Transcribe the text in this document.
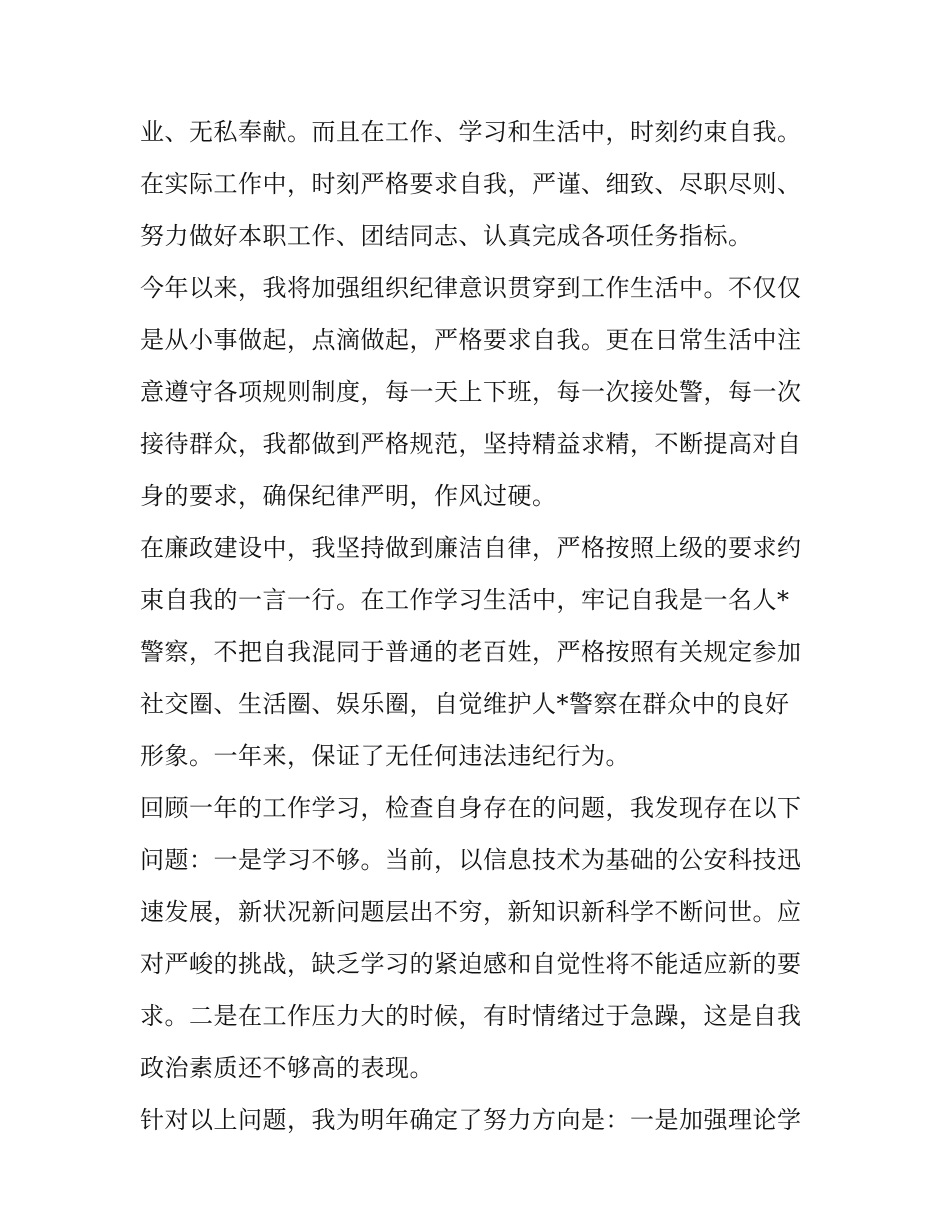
业、无私奉献。而且在工作、学习和生活中，时刻约束自我。
在实际工作中，时刻严格要求自我，严谨、细致、尽职尽则、
努力做好本职工作、团结同志、认真完成各项任务指标。
今年以来，我将加强组织纪律意识贯穿到工作生活中。不仅仅
是从小事做起，点滴做起，严格要求自我。更在日常生活中注
意遵守各项规则制度，每一天上下班，每一次接处警，每一次
接待群众，我都做到严格规范，坚持精益求精，不断提高对自
身的要求，确保纪律严明，作风过硬。
在廉政建设中，我坚持做到廉洁自律，严格按照上级的要求约
束自我的一言一行。在工作学习生活中，牢记自我是一名人*
警察，不把自我混同于普通的老百姓，严格按照有关规定参加
社交圈、生活圈、娱乐圈，自觉维护人*警察在群众中的良好
形象。一年来，保证了无任何违法违纪行为。
回顾一年的工作学习，检查自身存在的问题，我发现存在以下
问题：一是学习不够。当前，以信息技术为基础的公安科技迅
速发展，新状况新问题层出不穷，新知识新科学不断问世。应
对严峻的挑战，缺乏学习的紧迫感和自觉性将不能适应新的要
求。二是在工作压力大的时候，有时情绪过于急躁，这是自我
政治素质还不够高的表现。
针对以上问题，我为明年确定了努力方向是：一是加强理论学
